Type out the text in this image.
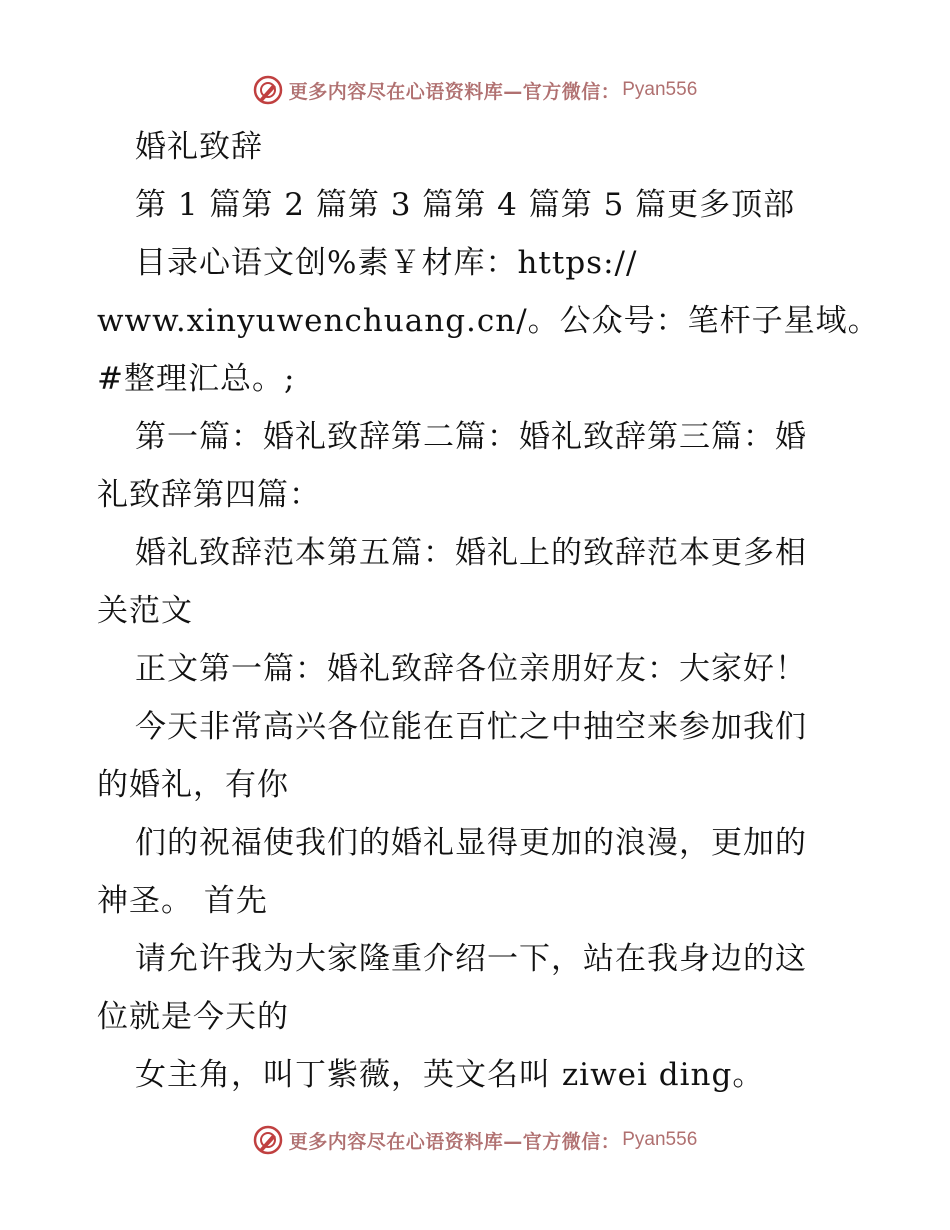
更多内容尽在心语资料库—官方微信： Pyan556
婚礼致辞
第 1 篇第 2 篇第 3 篇第 4 篇第 5 篇更多顶部
目录心语文创%素￥材库：https://
www.xinyuwenchuang.cn/。公众号：笔杆子星域。
#整理汇总。;
第一篇：婚礼致辞第二篇：婚礼致辞第三篇：婚
礼致辞第四篇：
婚礼致辞范本第五篇：婚礼上的致辞范本更多相
关范文
正文第一篇：婚礼致辞各位亲朋好友：大家好！
今天非常高兴各位能在百忙之中抽空来参加我们
的婚礼，有你
们的祝福使我们的婚礼显得更加的浪漫，更加的
神圣。 首先
请允许我为大家隆重介绍一下，站在我身边的这
位就是今天的
女主角，叫丁紫薇，英文名叫 ziwei ding。
更多内容尽在心语资料库—官方微信： Pyan556
